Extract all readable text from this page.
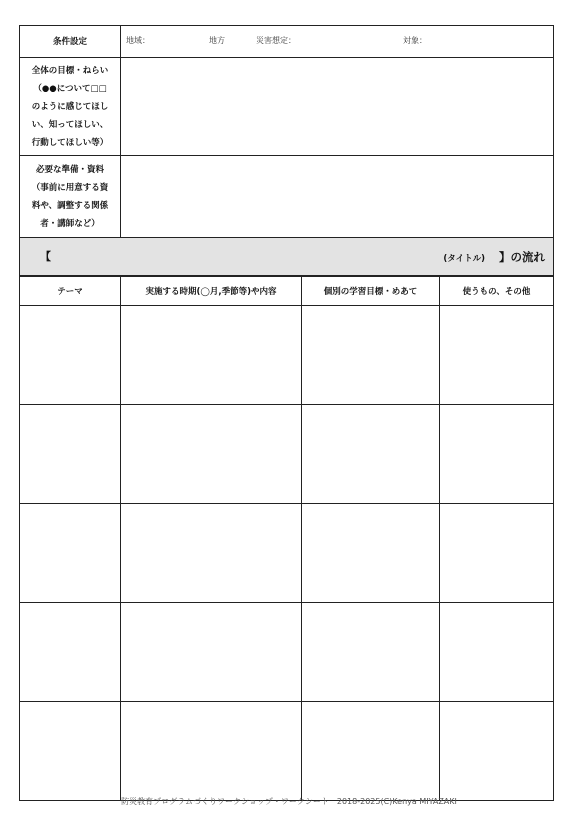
条件設定	地域： 地方 災害想定： 対象：

全体の目標・ねらい
（●●について□□
のように感じてほし
い、知ってほしい、
行動してほしい等）	

必要な準備・資料
（事前に用意する資
料や、調整する関係
者・講師など）	

【 (タイトル) 】の流れ	
テーマ	実施する時期(◯月,季節等)や内容	個別の学習目標・めあて	使うもの、その他

防災教育プログラムづくりワークショップ・ワークシート　2018-2025(C)Kenya MIYAZAKI
